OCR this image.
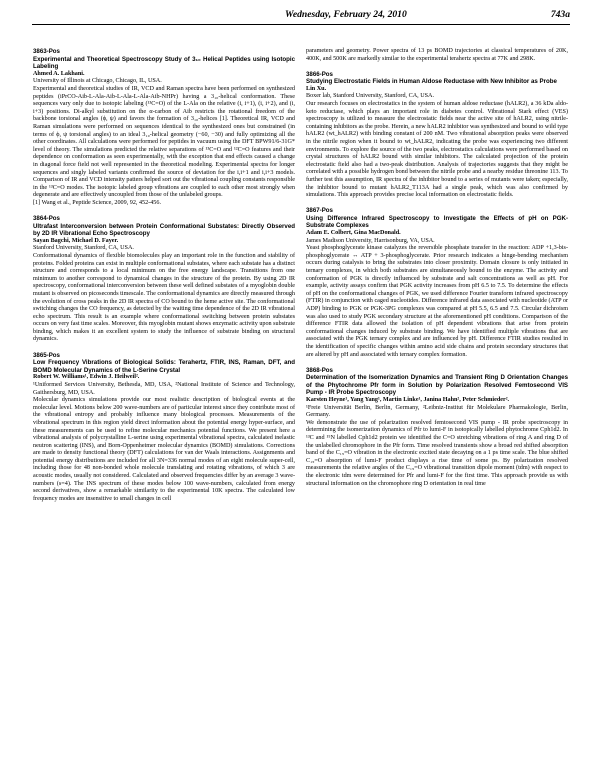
Wednesday, February 24, 2010	743a
3863-Pos
Experimental and Theoretical Spectroscopy Study of 3₁₀ Helical Peptides using Isotopic Labeling
Ahmed A. Lakhani.
University of Illinois at Chicago, Chicago, IL, USA.

Experimental and theoretical studies of IR, VCD and Raman spectra have been performed on synthesized peptides (iPrCO-Aib-L-Ala-Aib-L-Ala-L-Ala-Aib-NHPr) having a 3₁₀-helical conformation. These sequences vary only due to isotopic labeling (¹³C=O) of the L-Ala on the relative (i, i+1), (i, i+2), and (i, i+3) positions. Di-alkyl substitution on the α-carbon of Aib restricts the rotational freedom of the backbone torsional angles (ϕ, ψ) and favors the formation of 3₁₀-helices [1]. Theoretical IR, VCD and Raman simulations were performed on sequences identical to the synthesized ones but constrained (in terms of ϕ, ψ torsional angles) to an ideal 3₁₀-helical geometry (−60, −30) and fully optimizing all the other coordinates. All calculations were performed for peptides in vacuum using the DFT BPW91/6-31G* level of theory. The simulations predicted the relative separations of ¹³C=O and ¹²C=O features and their dependence on conformation as seen experimentally, with the exception that end effects caused a change in diagonal force field not well represented in the theoretical modeling. Experimental spectra for longer sequences and singly labeled variants confirmed the source of deviation for the i,i+1 and i,i+3 models. Comparison of IR and VCD intensity patters helped sort out the vibrational coupling constants responsible in the ¹³C=O modes. The isotopic labeled group vibrations are coupled to each other most strongly when degenerate and are effectively uncoupled from those of the unlabeled groups.

[1] Wang et al., Peptide Science, 2009, 92, 452-456.

3864-Pos
Ultrafast Interconversion between Protein Conformational Substates: Directly Observed by 2D IR Vibrational Echo Spectroscopy
Sayan Bagchi, Michael D. Fayer.
Stanford University, Stanford, CA, USA.

Conformational dynamics of flexible biomolecules play an important role in the function and stability of proteins. Folded proteins can exist in multiple conformational substates, where each substate has a distinct structure and corresponds to a local minimum on the free energy landscape. Transitions from one minimum to another correspond to dynamical changes in the structure of the protein. By using 2D IR spectroscopy, conformational interconversion between these well defined substates of a myoglobin double mutant is observed on picoseconds timescale. The conformational dynamics are directly measured through the evolution of cross peaks in the 2D IR spectra of CO bound to the heme active site. The conformational switching changes the CO frequency, as detected by the waiting time dependence of the 2D IR vibrational echo spectrum. This result is an example where conformational switching between protein substates occurs on very fast time scales. Moreover, this myoglobin mutant shows enzymatic activity upon substrate binding, which makes it an excellent system to study the influence of substrate binding on structural dynamics.

3865-Pos
Low Frequency Vibrations of Biological Solids: Terahertz, FTIR, INS, Raman, DFT, and BOMD Molecular Dynamics of the L-Serine Crystal
Robert W. Williams¹, Edwin J. Heilweil².
¹Uniformed Services University, Bethesda, MD, USA, ²National Institute of Science and Technology, Gaithersburg, MD, USA.

Molecular dynamics simulations provide our most realistic description of biological events at the molecular level. Motions below 200 wave-numbers are of particular interest since they contribute most of the vibrational entropy and probably influence many biological processes. Measurements of the vibrational spectrum in this region yield direct information about the potential energy hyper-surface, and these measurements can be used to refine molecular mechanics potential functions. We present here a vibrational analysis of polycrystalline L-serine using experimental vibrational spectra, calculated inelastic neutron scattering (INS), and Born-Oppenheimer molecular dynamics (BOMD) simulations. Corrections are made to density functional theory (DFT) calculations for van der Waals interactions. Assignments and potential energy distributions are included for all 3N=336 normal modes of an eight molecule super-cell, including those for 48 non-bonded whole molecule translating and rotating vibrations, of which 3 are acoustic modes, usually not considered. Calculated and observed frequencies differ by an average 3 wave-numbers (s=4). The INS spectrum of these modes below 100 wave-numbers, calculated from energy second derivatives, show a remarkable similarity to the experimental 10K spectra. The calculated low frequency modes are insensitive to small changes in cell

parameters and geometry. Power spectra of 13 ps BOMD trajectories at classical temperatures of 20K, 400K, and 500K are markedly similar to the experimental terahertz spectra at 77K and 298K.

3866-Pos
Studying Electrostatic Fields in Human Aldose Reductase with New Inhibitor as Probe
Lin Xu.
Boxer lab, Stanford University, Stanford, CA, USA.

Our research focuses on electrostatics in the system of human aldose reductase (hALR2), a 36 kDa aldo-keto reductase, which plays an important role in diabetes control. Vibrational Stark effect (VES) spectroscopy is utilized to measure the electrostatic fields near the active site of hALR2, using nitrile-containing inhibitors as the probe. Herein, a new hALR2 inhibitor was synthesized and bound to wild type hALR2 (wt_hALR2) with binding constant of 200 nM. Two vibrational absorption peaks were observed in the nitrile region when it bound to wt_hALR2, indicating the probe was experiencing two different environments. To explore the source of the two peaks, electrostatics calculations were performed based on crystal structures of hALR2 bound with similar inhibitors. The calculated projection of the protein electrostatic field also had a two-peak distribution. Analysis of trajectories suggests that they might be correlated with a possible hydrogen bond between the nitrile probe and a nearby residue threonine 113. To further test this assumption, IR spectra of the inhibitor bound to a series of mutants were taken; especially, the inhibitor bound to mutant hALR2_T113A had a single peak, which was also confirmed by simulations. This approach provides precise local information on electrostatic fields.

3867-Pos
Using Difference Infrared Spectroscopy to Investigate the Effects of pH on PGK-Substrate Complexes
Adam E. Colbert, Gina MacDonald.
James Madison University, Harrisonburg, VA, USA.

Yeast phosphoglycerate kinase catalyzes the reversible phosphate transfer in the reaction: ADP +1,3-bis-phosphoglycerate ↔ ATP + 3-phosphoglycerate. Prior research indicates a hinge-bending mechanism occurs during catalysis to bring the substrates into closer proximity. Domain closure is only initiated in ternary complexes, in which both substrates are simultaneously bound to the enzyme. The activity and conformation of PGK is directly influenced by substrate and salt concentrations as well as pH. For example, activity assays confirm that PGK activity increases from pH 6.5 to 7.5. To determine the effects of pH on the conformational changes of PGK, we used difference Fourier transform infrared spectroscopy (FTIR) in conjunction with caged nucleotides. Difference infrared data associated with nucleotide (ATP or ADP) binding to PGK or PGK-3PG complexes was compared at pH 5.5, 6.5 and 7.5. Circular dichroism was also used to study PGK secondary structure at the aforementioned pH conditions. Comparison of the difference FTIR data allowed the isolation of pH dependent vibrations that arise from protein conformational changes induced by substrate binding. We have identified multiple vibrations that are associated with the PGK ternary complex and are influenced by pH. Difference FTIR studies resulted in the identification of specific changes within amino acid side chains and protein secondary structures that are altered by pH and associated with ternary complex formation.

3868-Pos
Determination of the Isomerization Dynamics and Transient Ring D Orientation Changes of the Phytochrome Pfr form in Solution by Polarization Resolved Femtosecond VIS Pump - IR Probe Spectroscopy
Karsten Heyne¹, Yang Yang¹, Martin Linke¹, Janina Hahn², Peter Schmieder².
¹Freie Universität Berlin, Berlin, Germany, ²Leibniz-Institut für Molekulare Pharmakologie, Berlin, Germany.

We demonstrate the use of polarization resolved femtosecond VIS pump - IR probe spectroscopy in determining the isomerization dynamics of Pfr to lumi-F in isotopically labelled phytochrome Cph1d2. In ¹³C and ¹⁵N labelled Cph1d2 protein we identified the C=O stretching vibrations of ring A and ring D of the unlabelled chromophore in the Pfr form. Time resolved transients show a broad red shifted absorption band of the C₁₉=O vibration in the electronic excited state decaying on a 1 ps time scale. The blue shifted C₁₉=O absorption of lumi-F product displays a rise time of some ps. By polarization resolved measurements the relative angles of the C₁₉=O vibrational transition dipole moment (tdm) with respect to the electronic tdm were determined for Pfr and lumi-F for the first time. This approach provide us with structural information on the chromophore ring D orientation in real time
